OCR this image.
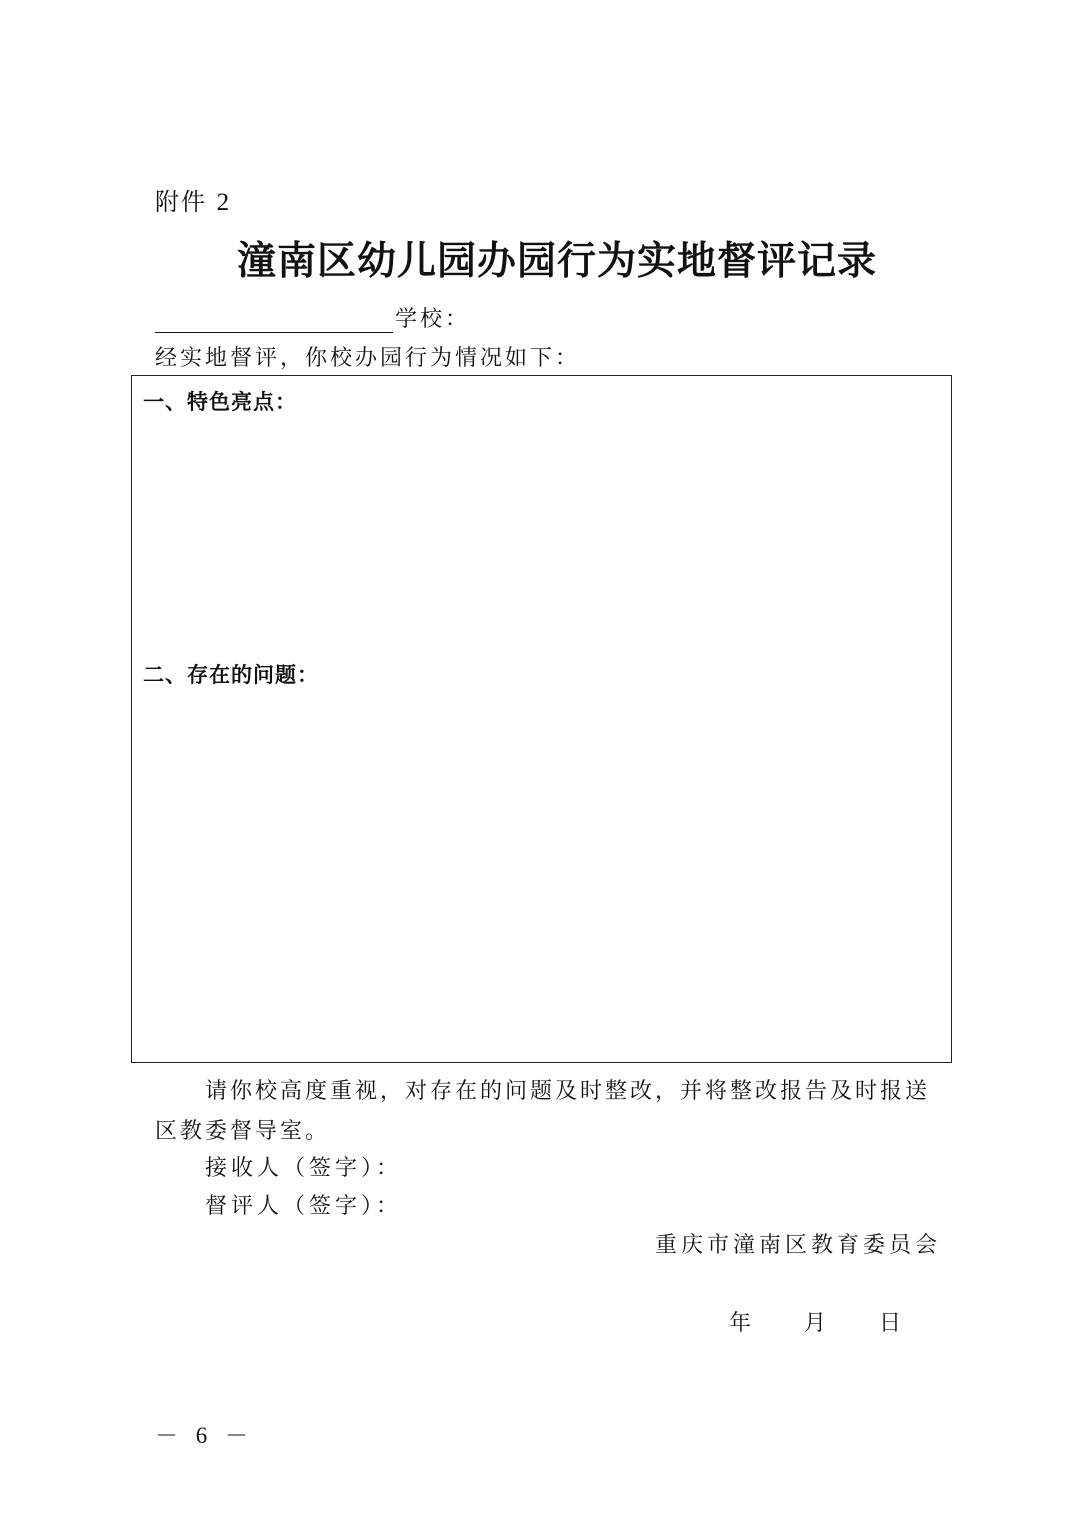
附件 2
潼南区幼儿园办园行为实地督评记录
学校：
经实地督评，你校办园行为情况如下：
一、特色亮点：
二、存在的问题：
请你校高度重视，对存在的问题及时整改，并将整改报告及时报送区教委督导室。
接收人（签字）：
督评人（签字）：
重庆市潼南区教育委员会
年 月 日
－ 6 －
